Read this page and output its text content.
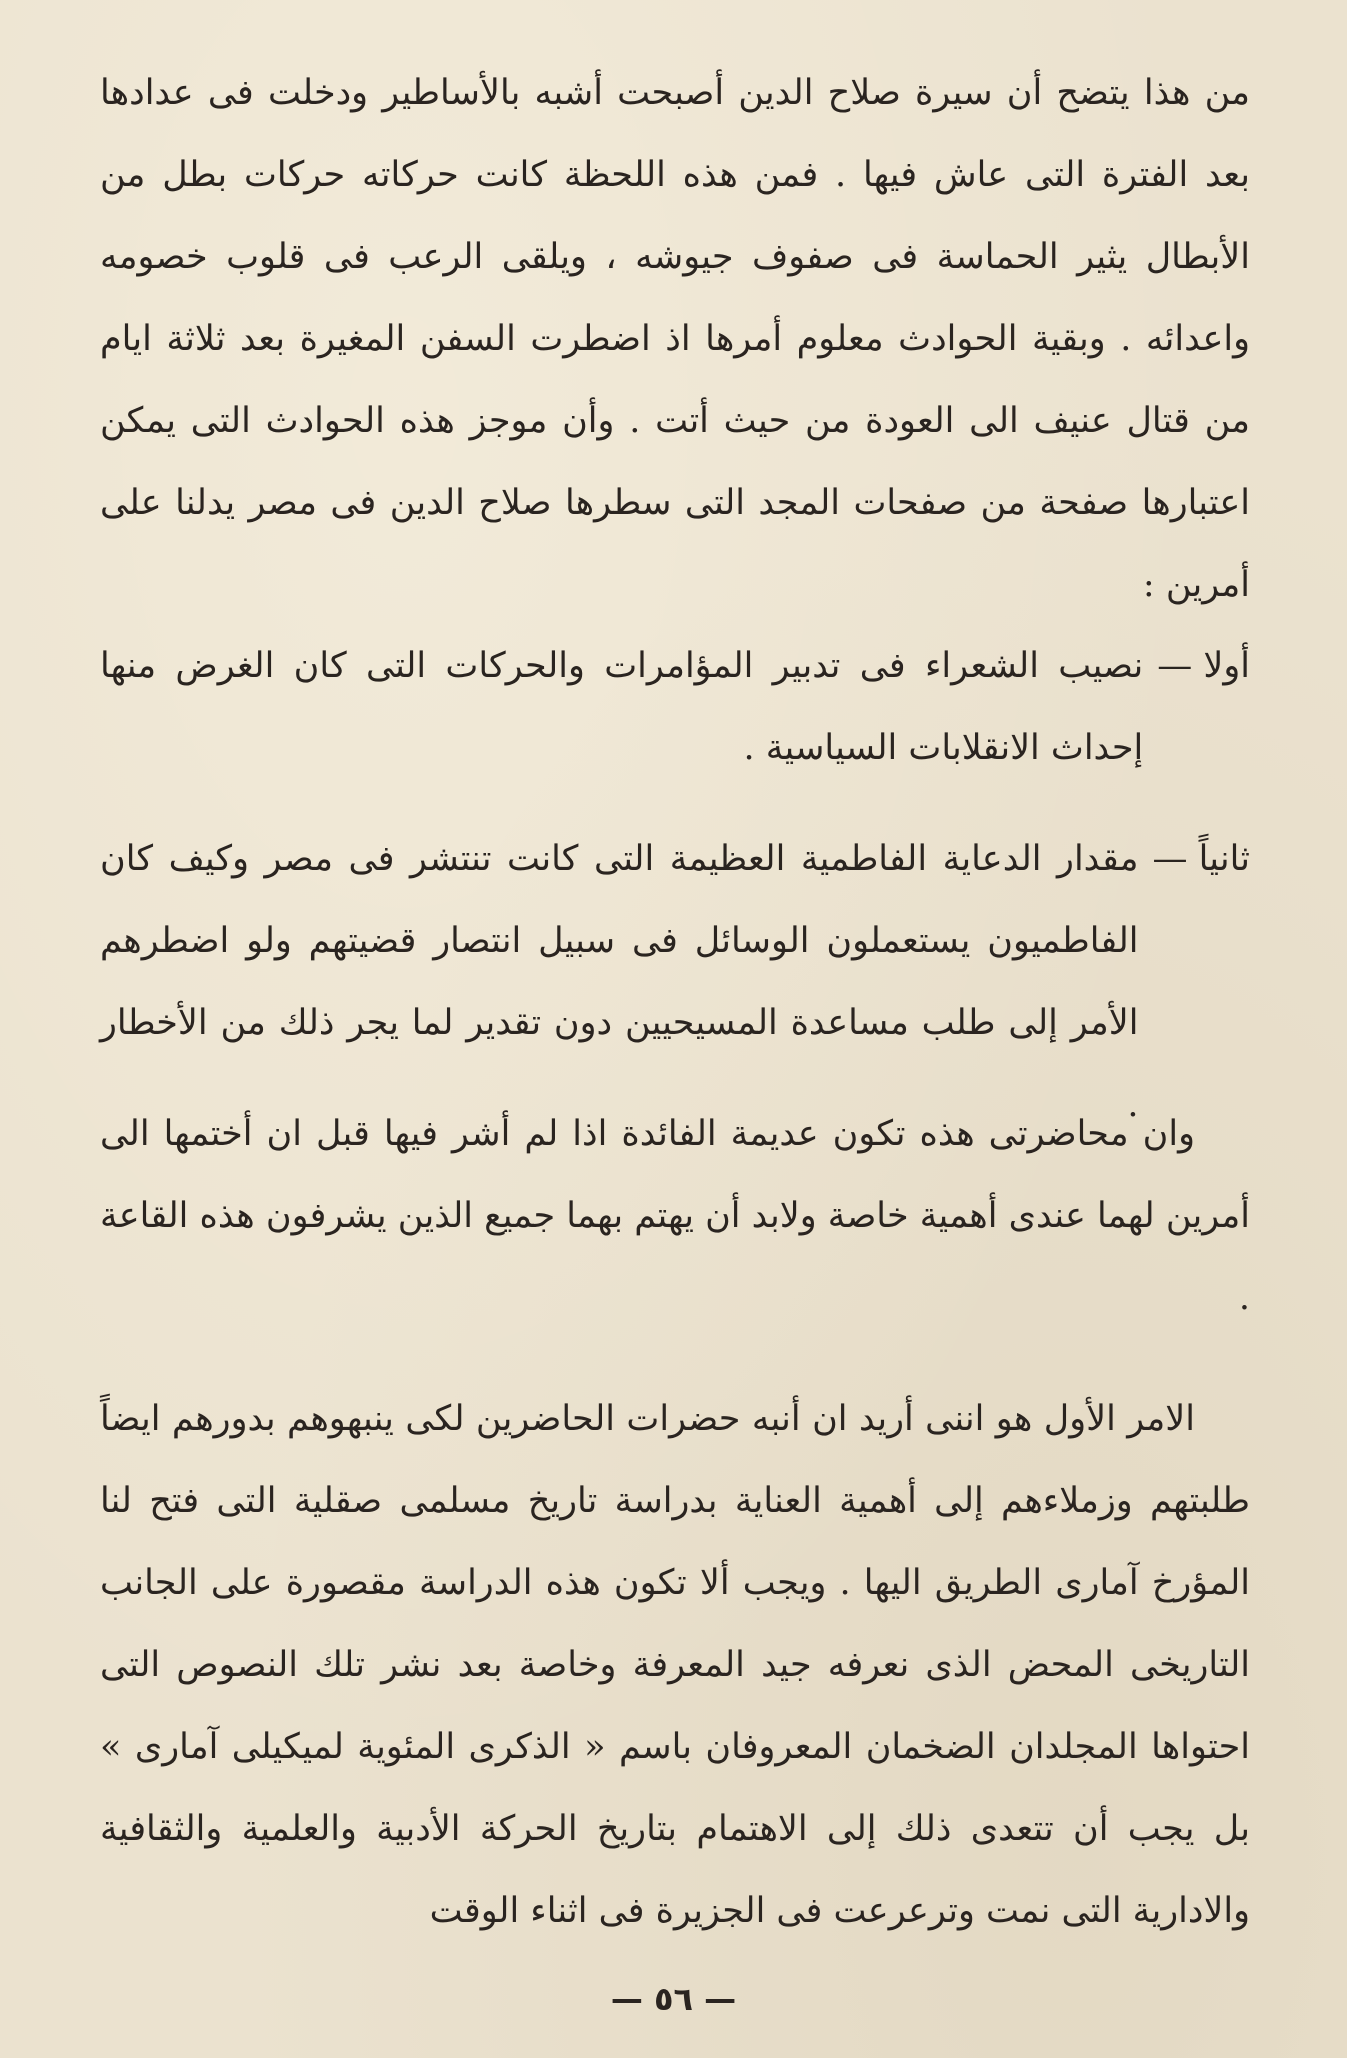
من هذا يتضح أن سيرة صلاح الدين أصبحت أشبه بالأساطير ودخلت فى عدادها بعد الفترة التى عاش فيها . فمن هذه اللحظة كانت حركاته حركات بطل من الأبطال يثير الحماسة فى صفوف جيوشه ، ويلقى الرعب فى قلوب خصومه واعدائه . وبقية الحوادث معلوم أمرها اذ اضطرت السفن المغيرة بعد ثلاثة ايام من قتال عنيف الى العودة من حيث أتت . وأن موجز هذه الحوادث التى يمكن اعتبارها صفحة من صفحات المجد التى سطرها صلاح الدين فى مصر يدلنا على أمرين :

أولا —
نصيب الشعراء فى تدبير المؤامرات والحركات التى كان الغرض منها إحداث الانقلابات السياسية .
ثانياً —
مقدار الدعاية الفاطمية العظيمة التى كانت تنتشر فى مصر وكيف كان الفاطميون يستعملون الوسائل فى سبيل انتصار قضيتهم ولو اضطرهم الأمر إلى طلب مساعدة المسيحيين دون تقدير لما يجر ذلك من الأخطار .

وان محاضرتى هذه تكون عديمة الفائدة اذا لم أشر فيها قبل ان أختمها الى أمرين لهما عندى أهمية خاصة ولابد أن يهتم بهما جميع الذين يشرفون هذه القاعة .

الامر الأول هو اننى أريد ان أنبه حضرات الحاضرين لكى ينبهوهم بدورهم ايضاً طلبتهم وزملاءهم إلى أهمية العناية بدراسة تاريخ مسلمى صقلية التى فتح لنا المؤرخ آمارى الطريق اليها . ويجب ألا تكون هذه الدراسة مقصورة على الجانب التاريخى المحض الذى نعرفه جيد المعرفة وخاصة بعد نشر تلك النصوص التى احتواها المجلدان الضخمان المعروفان باسم « الذكرى المئوية لميكيلى آمارى » بل يجب أن تتعدى ذلك إلى الاهتمام بتاريخ الحركة الأدبية والعلمية والثقافية والادارية التى نمت وترعرعت فى الجزيرة فى اثناء الوقت

— ٥٦ —
